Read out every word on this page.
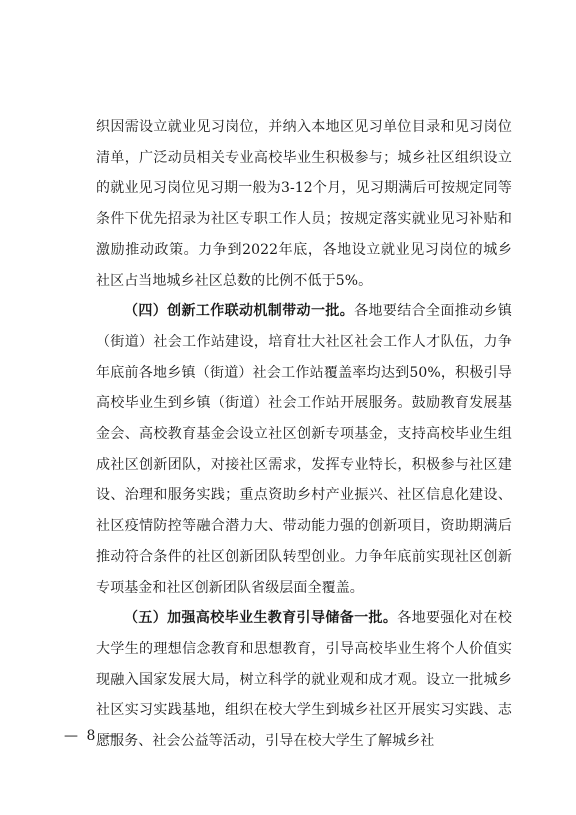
织因需设立就业见习岗位，并纳入本地区见习单位目录和见习岗位清单，广泛动员相关专业高校毕业生积极参与；城乡社区组织设立的就业见习岗位见习期一般为3-12个月，见习期满后可按规定同等条件下优先招录为社区专职工作人员；按规定落实就业见习补贴和激励推动政策。力争到2022年底，各地设立就业见习岗位的城乡社区占当地城乡社区总数的比例不低于5%。

（四）创新工作联动机制带动一批。各地要结合全面推动乡镇（街道）社会工作站建设，培育壮大社区社会工作人才队伍，力争年底前各地乡镇（街道）社会工作站覆盖率均达到50%，积极引导高校毕业生到乡镇（街道）社会工作站开展服务。鼓励教育发展基金会、高校教育基金会设立社区创新专项基金，支持高校毕业生组成社区创新团队，对接社区需求，发挥专业特长，积极参与社区建设、治理和服务实践；重点资助乡村产业振兴、社区信息化建设、社区疫情防控等融合潜力大、带动能力强的创新项目，资助期满后推动符合条件的社区创新团队转型创业。力争年底前实现社区创新专项基金和社区创新团队省级层面全覆盖。

（五）加强高校毕业生教育引导储备一批。各地要强化对在校大学生的理想信念教育和思想教育，引导高校毕业生将个人价值实现融入国家发展大局，树立科学的就业观和成才观。设立一批城乡社区实习实践基地，组织在校大学生到城乡社区开展实习实践、志愿服务、社会公益等活动，引导在校大学生了解城乡社

— 8 —
